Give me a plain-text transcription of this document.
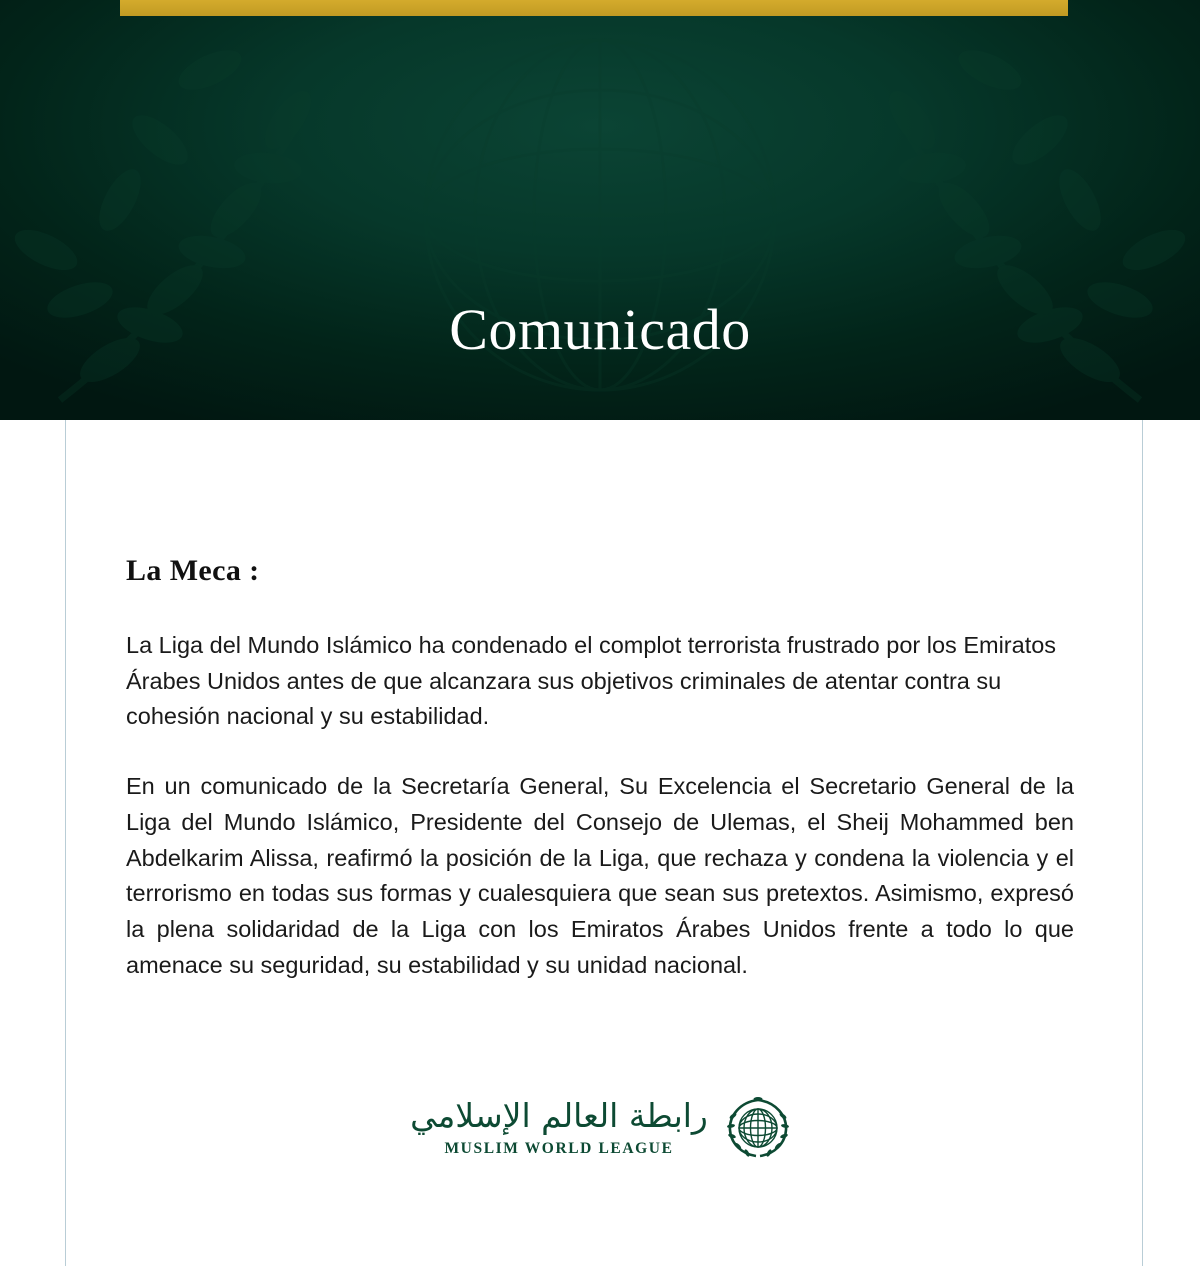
Comunicado
La Meca :

La Liga del Mundo Islámico ha condenado el complot terrorista frustrado por los Emiratos Árabes Unidos antes de que alcanzara sus objetivos criminales de atentar contra su cohesión nacional y su estabilidad.

En un comunicado de la Secretaría General, Su Excelencia el Secretario General de la Liga del Mundo Islámico, Presidente del Consejo de Ulemas, el Sheij Mohammed ben Abdelkarim Alissa, reafirmó la posición de la Liga, que rechaza y condena la violencia y el terrorismo en todas sus formas y cualesquiera que sean sus pretextos. Asimismo, expresó la plena solidaridad de la Liga con los Emiratos Árabes Unidos frente a todo lo que amenace su seguridad, su estabilidad y su unidad nacional.

رابطة العالم الإسلامي
MUSLIM WORLD LEAGUE
